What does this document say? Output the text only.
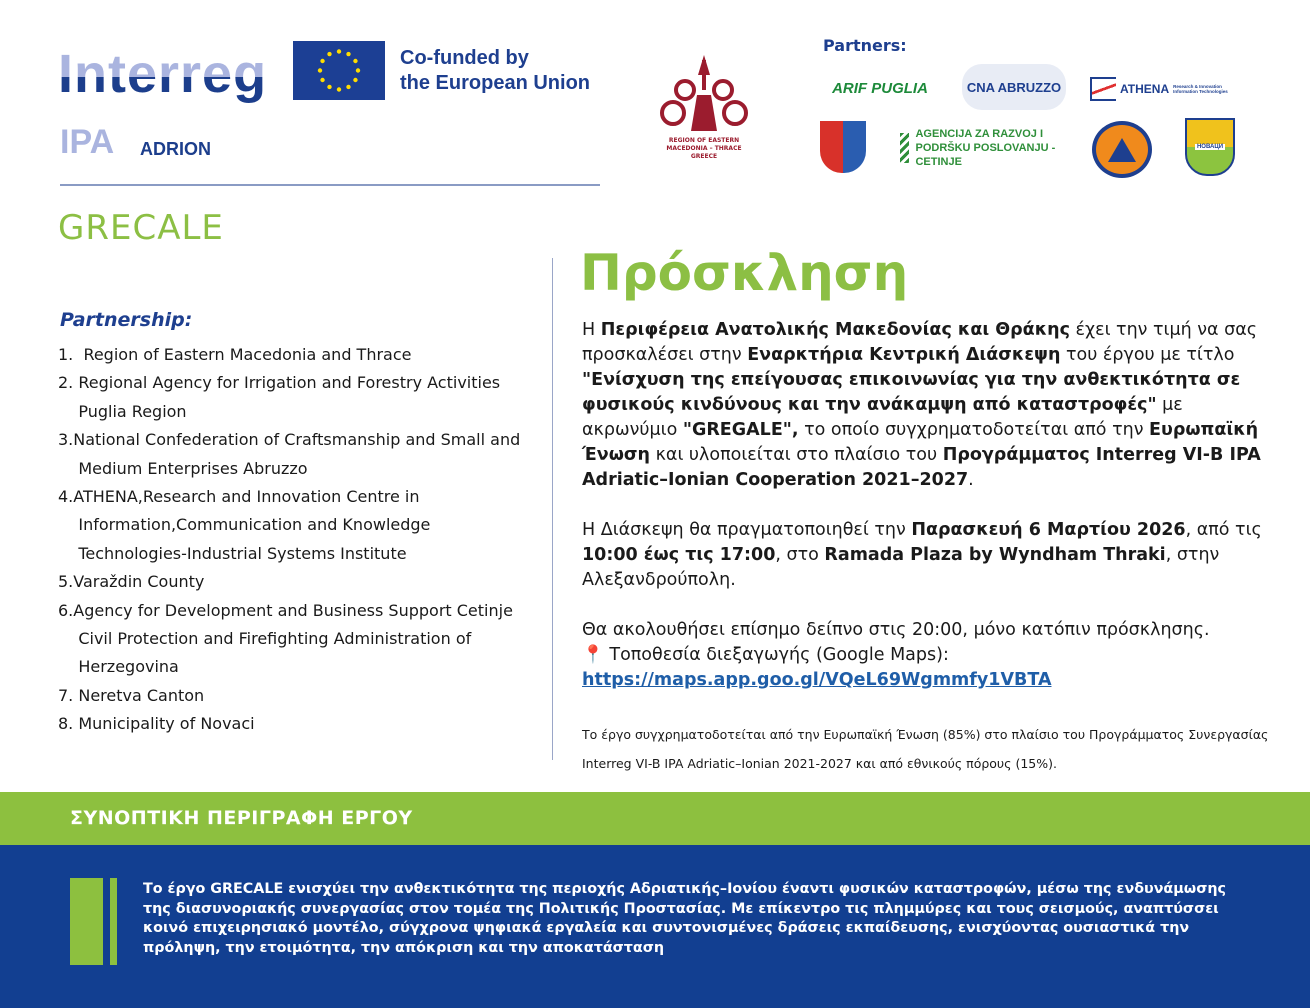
Interreg	Co-funded by
the European Union
IPA ADRION	REGION OF EASTERN
MACEDONIA – THRACE
GREECE
Partners:
ARIF PUGLIA	CNA ABRUZZO	ATHENA Research & Innovation Information Technologies
AGENCIJA ZA RAZVOJ I
PODRŠKU POSLOVANJU - CETINJE
НОВАЦИ
GRECALE
Partnership:
1.  Region of Eastern Macedonia and Thrace
2. Regional Agency for Irrigation and Forestry Activities
Puglia Region
3.National Confederation of Craftsmanship and Small and
Medium Enterprises Abruzzo
4.ATHENA,Research and Innovation Centre in
Information,Communication and Knowledge
Technologies-Industrial Systems Institute
5.Varaždin County
6.Agency for Development and Business Support Cetinje
Civil Protection and Firefighting Administration of
Herzegovina
7. Neretva Canton
8. Municipality of Novaci
Πρόσκληση

Η Περιφέρεια Ανατολικής Μακεδονίας και Θράκης έχει την τιμή να σας προσκαλέσει στην Εναρκτήρια Κεντρική Διάσκεψη του έργου με τίτλο "Ενίσχυση της επείγουσας επικοινωνίας για την ανθεκτικότητα σε φυσικούς κινδύνους και την ανάκαμψη από καταστροφές" με ακρωνύμιο "GREGALE", το οποίο συγχρηματοδοτείται από την Ευρωπαϊκή Ένωση και υλοποιείται στο πλαίσιο του Προγράμματος Interreg VI-B IPA Adriatic–Ionian Cooperation 2021–2027.

Η Διάσκεψη θα πραγματοποιηθεί την Παρασκευή 6 Μαρτίου 2026, από τις 10:00 έως τις 17:00, στο Ramada Plaza by Wyndham Thraki, στην Αλεξανδρούπολη.

Θα ακολουθήσει επίσημο δείπνο στις 20:00, μόνο κατόπιν πρόσκλησης.
📍 Τοποθεσία διεξαγωγής (Google Maps):
https://maps.app.goo.gl/VQeL69Wgmmfy1VBTA
Το έργο συγχρηματοδοτείται από την Ευρωπαϊκή Ένωση (85%) στο πλαίσιο του Προγράμματος Συνεργασίας
Interreg VI-B IPA Adriatic–Ionian 2021-2027 και από εθνικούς πόρους (15%).
ΣΥΝΟΠΤΙΚΗ ΠΕΡΙΓΡΑΦΗ ΕΡΓΟΥ
Το έργο GRECALE ενισχύει την ανθεκτικότητα της περιοχής Αδριατικής–Ιονίου έναντι φυσικών καταστροφών, μέσω της ενδυνάμωσης της διασυνοριακής συνεργασίας στον τομέα της Πολιτικής Προστασίας. Με επίκεντρο τις πλημμύρες και τους σεισμούς, αναπτύσσει κοινό επιχειρησιακό μοντέλο, σύγχρονα ψηφιακά εργαλεία και συντονισμένες δράσεις εκπαίδευσης, ενισχύοντας ουσιαστικά την πρόληψη, την ετοιμότητα, την απόκριση και την αποκατάσταση
